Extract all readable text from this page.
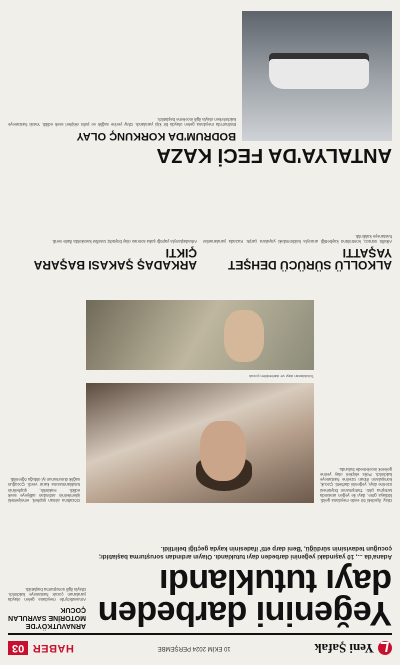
Yeni Şafak
10 EKİM 2024 PERŞEMBE
HABER
03
Yeğenini darbeden dayı tutuklandı
Adana'da ..., 10 yaşındaki yeğenini darbeden dayı tutuklandı. Olayın ardından soruşturma başlatıldı; çocuğun tedavisinin sürdüğü, 'Beni darp etti' ifadesinin kayda geçtiği belirtildi.
ARNAVUTKÖY'DE MOTORİNE SAVRULAN ÇOCUK
Arnavutköy'de meydana gelen olayda yaralanan çocuk hastaneye kaldırıldı. Olayla ilgili soruşturma başlatıldı.
Olay, ilçedeki bir evde meydana geldi. İddiaya göre, dayı ile yeğen arasında tartışma çıktı. Tartışmanın büyümesi üzerine dayı, yeğenini darbetti. Çocuk, komşuların ihbarı üzerine hastaneye kaldırıldı. Polis ekipleri olay yerine gelerek incelemede bulundu.
Tutuklanan dayı ve darbedilen çocuk
Gözaltına alınan şüpheli, emniyetteki işlemlerinin ardından adliyeye sevk edildi. Hakimlik, şüphelinin tutuklanmasına karar verdi. Çocuğun sağlık durumunun iyi olduğu öğrenildi.
ALKOLLÜ SÜRÜCÜ DEHŞET YAŞATTI
Alkollü sürücü, kontrolünü kaybettiği aracıyla kaldırımdaki yayalara çarptı. Kazada yaralananlar hastaneye kaldırıldı.
ARKADAŞ ŞAKASI BAŞARA ÇIKTI
Arkadaşlarıyla yaptığı şaka sonrası olay büyüdü; taraflar karakolda ifade verdi.
ANTALYA'DA FECİ KAZA
BODRUM'DA KORKUNÇ OLAY
Bodrum'da meydana gelen olayda bir kişi yaralandı. Olay yerine sağlık ve polis ekipleri sevk edildi. Yaralı hastaneye kaldırılırken olayla ilgili inceleme başlatıldı.
